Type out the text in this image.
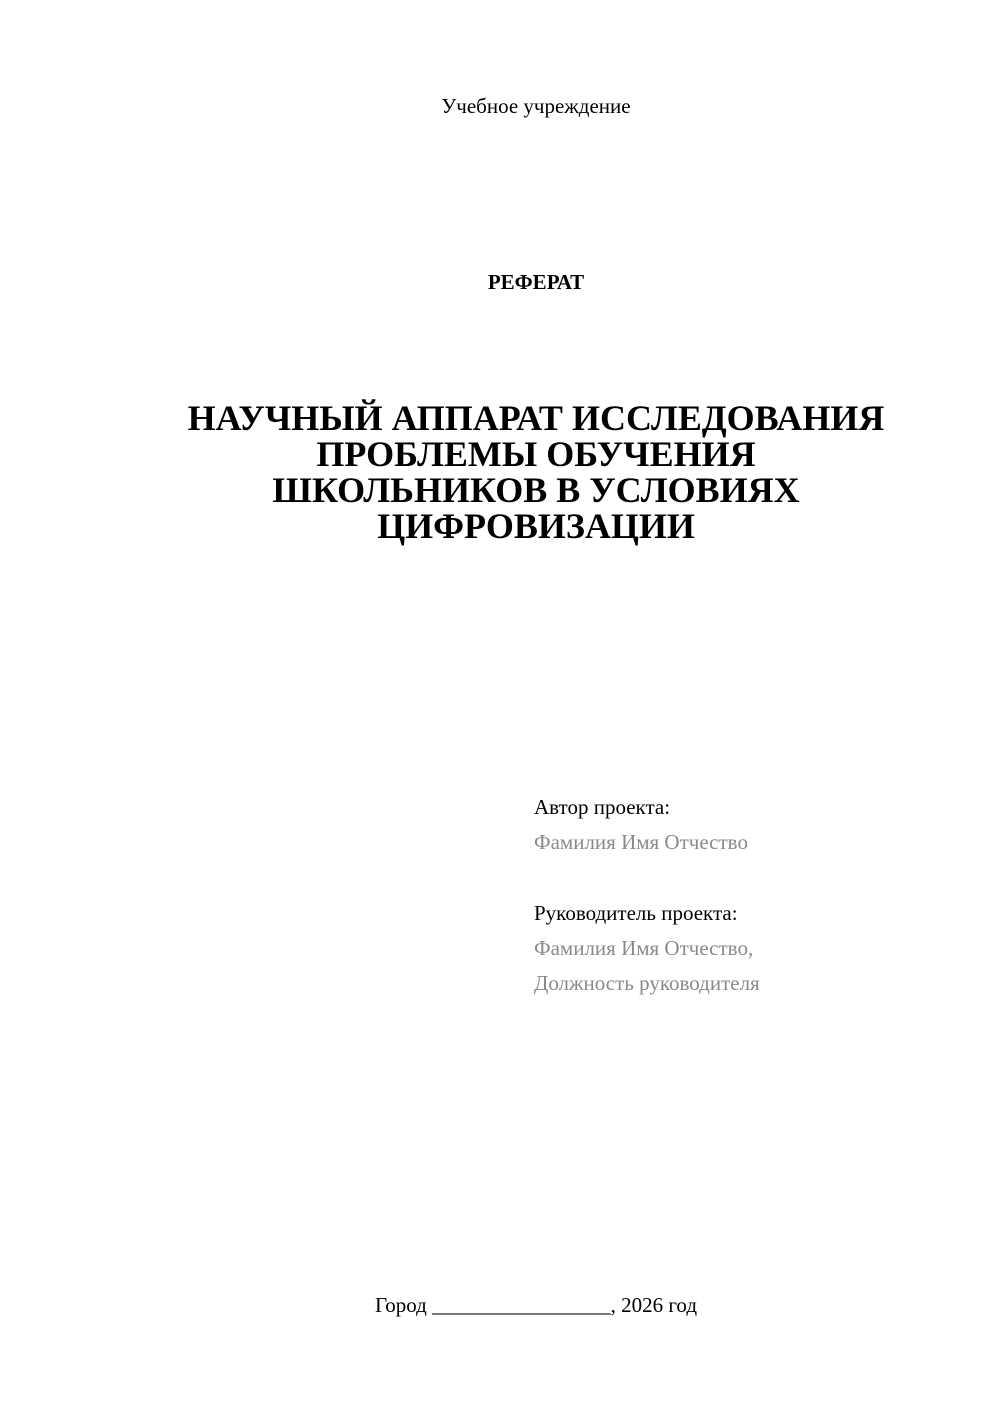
Учебное учреждение
РЕФЕРАТ
НАУЧНЫЙ АППАРАТ ИССЛЕДОВАНИЯ
ПРОБЛЕМЫ ОБУЧЕНИЯ
ШКОЛЬНИКОВ В УСЛОВИЯХ
ЦИФРОВИЗАЦИИ
Автор проекта:
Фамилия Имя Отчество
Руководитель проекта:
Фамилия Имя Отчество,
Должность руководителя
Город _________________, 2026 год
